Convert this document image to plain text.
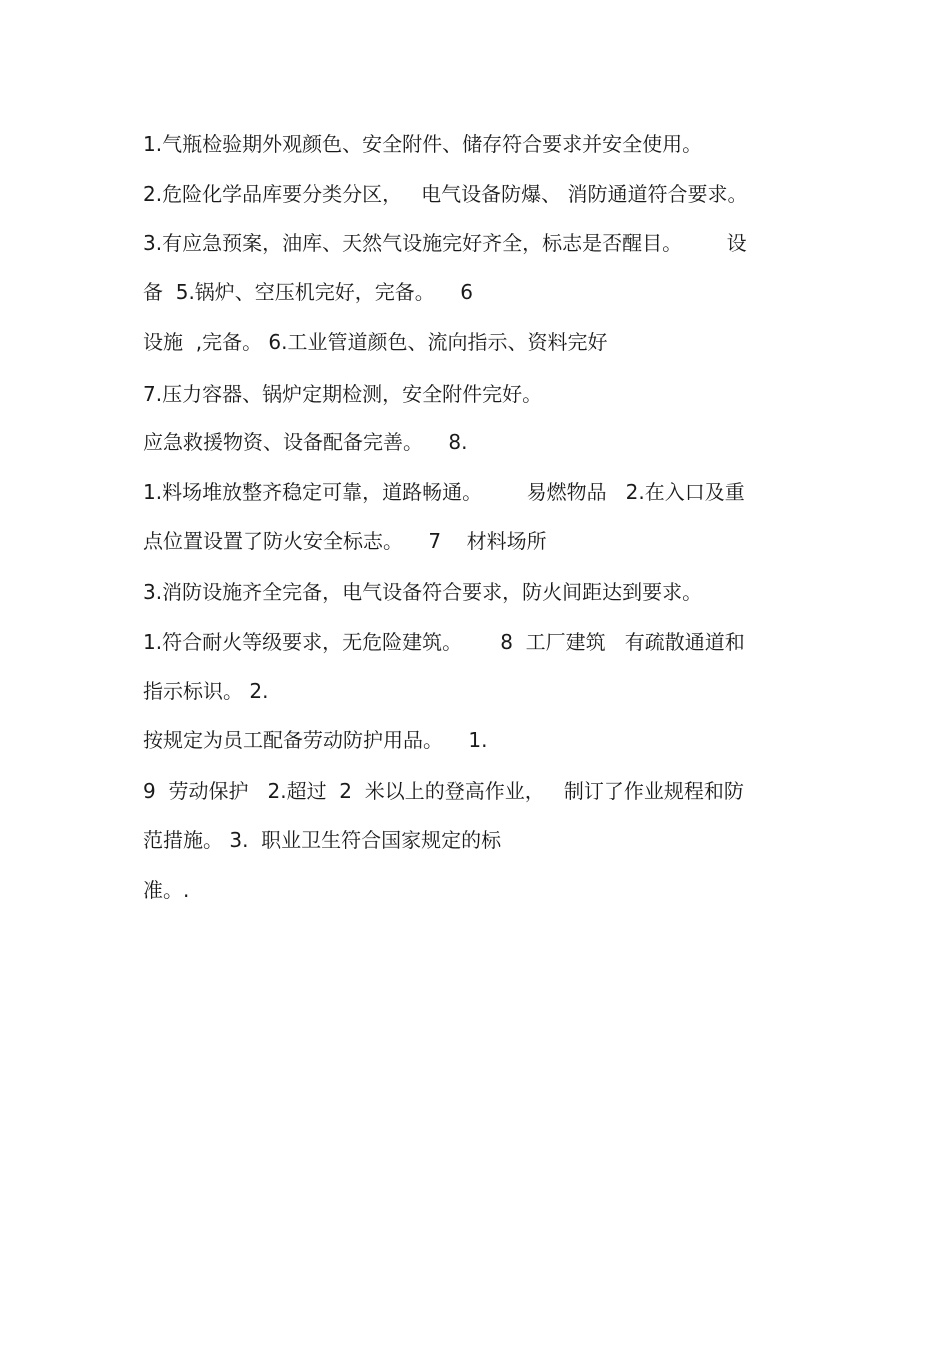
1.气瓶检验期外观颜色、安全附件、储存符合要求并安全使用。
2.危险化学品库要分类分区，   电气设备防爆、 消防通道符合要求。
3.有应急预案，油库、天然气设施完好齐全，标志是否醒目。       设
备  5.锅炉、空压机完好，完备。    6
设施  ,完备。 6.工业管道颜色、流向指示、资料完好
7.压力容器、锅炉定期检测，安全附件完好。
应急救援物资、设备配备完善。    8.
1.料场堆放整齐稳定可靠，道路畅通。       易燃物品   2.在入口及重
点位置设置了防火安全标志。    7    材料场所
3.消防设施齐全完备，电气设备符合要求，防火间距达到要求。
1.符合耐火等级要求，无危险建筑。      8  工厂建筑   有疏散通道和
指示标识。 2.
按规定为员工配备劳动防护用品。    1.
9  劳动保护   2.超过  2  米以上的登高作业，   制订了作业规程和防
范措施。 3.  职业卫生符合国家规定的标
准。.
